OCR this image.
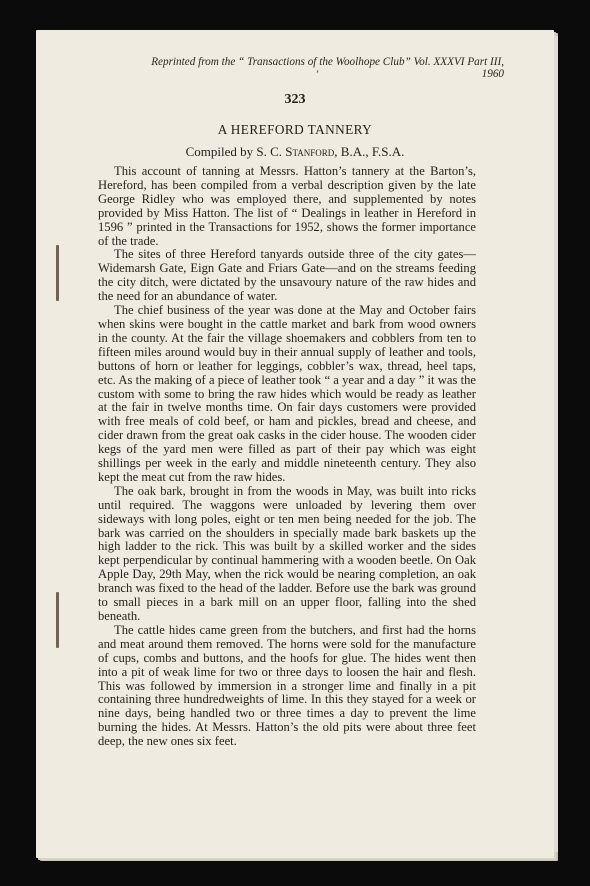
Reprinted from the “ Transactions of the Woolhope Club” Vol. XXXVI Part III,
’	1960
323
A HEREFORD TANNERY
Compiled by S. C. Stanford, B.A., F.S.A.

This account of tanning at Messrs. Hatton’s tannery at the Barton’s, Hereford, has been compiled from a verbal description given by the late George Ridley who was employed there, and supplemented by notes provided by Miss Hatton. The list of “ Dealings in leather in Hereford in 1596 ” printed in the Transactions for 1952, shows the former importance of the trade.

The sites of three Hereford tanyards outside three of the city gates—Widemarsh Gate, Eign Gate and Friars Gate—and on the streams feeding the city ditch, were dictated by the unsavoury nature of the raw hides and the need for an abundance of water.

The chief business of the year was done at the May and October fairs when skins were bought in the cattle market and bark from wood owners in the county. At the fair the village shoemakers and cobblers from ten to fifteen miles around would buy in their annual supply of leather and tools, buttons of horn or leather for leggings, cobbler’s wax, thread, heel taps, etc. As the making of a piece of leather took “ a year and a day ” it was the custom with some to bring the raw hides which would be ready as leather at the fair in twelve months time. On fair days customers were provided with free meals of cold beef, or ham and pickles, bread and cheese, and cider drawn from the great oak casks in the cider house. The wooden cider kegs of the yard men were filled as part of their pay which was eight shillings per week in the early and middle nineteenth century. They also kept the meat cut from the raw hides.

The oak bark, brought in from the woods in May, was built into ricks until required. The waggons were unloaded by levering them over sideways with long poles, eight or ten men being needed for the job. The bark was carried on the shoulders in specially made bark baskets up the high ladder to the rick. This was built by a skilled worker and the sides kept perpendicular by continual hammering with a wooden beetle. On Oak Apple Day, 29th May, when the rick would be nearing completion, an oak branch was fixed to the head of the ladder. Before use the bark was ground to small pieces in a bark mill on an upper floor, falling into the shed beneath.

The cattle hides came green from the butchers, and first had the horns and meat around them removed. The horns were sold for the manufacture of cups, combs and buttons, and the hoofs for glue. The hides went then into a pit of weak lime for two or three days to loosen the hair and flesh. This was followed by immersion in a stronger lime and finally in a pit containing three hundredweights of lime. In this they stayed for a week or nine days, being handled two or three times a day to prevent the lime burning the hides. At Messrs. Hatton’s the old pits were about three feet deep, the new ones six feet.
